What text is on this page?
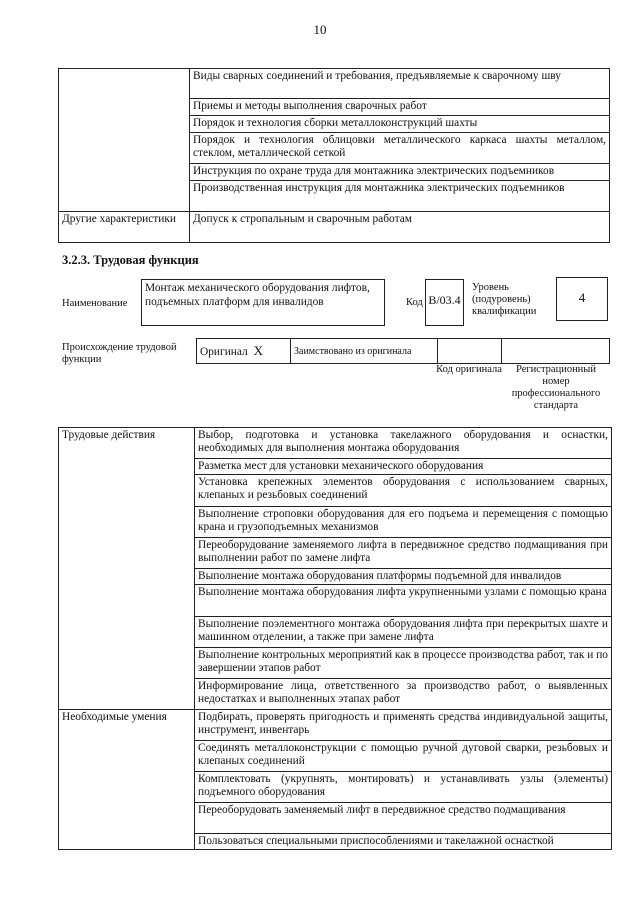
10
	Виды сварных соединений и требования, предъявляемые к сварочному шву
	Приемы и методы выполнения сварочных работ
	Порядок и технология сборки металлоконструкций шахты
	Порядок и технология облицовки металлического каркаса шахты металлом, стеклом, металлической сеткой
	Инструкция по охране труда для монтажника электрических подъемников
	Производственная инструкция для монтажника электрических подъемников
Другие характеристики	Допуск к стропальным и сварочным работам
3.2.3. Трудовая функция
Наименование
Монтаж механического оборудования лифтов, подъемных платформ для инвалидов	Код B/03.4
Уровень (подуровень) квалификации
4
Происхождение трудовой функции
Оригинал X	Заимствовано из оригинала		
Код оригинала	Регистрационный номер профессионального стандарта
Трудовые действия	Выбор, подготовка и установка такелажного оборудования и оснастки, необходимых для выполнения монтажа оборудования
	Разметка мест для установки механического оборудования
	Установка крепежных элементов оборудования с использованием сварных, клепаных и резьбовых соединений
	Выполнение строповки оборудования для его подъема и перемещения с помощью крана и грузоподъемных механизмов
	Переоборудование заменяемого лифта в передвижное средство подмащивания при выполнении работ по замене лифта
	Выполнение монтажа оборудования платформы подъемной для инвалидов
	Выполнение монтажа оборудования лифта укрупненными узлами с помощью крана
	Выполнение поэлементного монтажа оборудования лифта при перекрытых шахте и машинном отделении, а также при замене лифта
	Выполнение контрольных мероприятий как в процессе производства работ, так и по завершении этапов работ
	Информирование лица, ответственного за производство работ, о выявленных недостатках и выполненных этапах работ
Необходимые умения	Подбирать, проверять пригодность и применять средства индивидуальной защиты, инструмент, инвентарь
	Соединять металлоконструкции с помощью ручной дуговой сварки, резьбовых и клепаных соединений
	Комплектовать (укрупнять, монтировать) и устанавливать узлы (элементы) подъемного оборудования
	Переоборудовать заменяемый лифт в передвижное средство подмащивания
	Пользоваться специальными приспособлениями и такелажной оснасткой
